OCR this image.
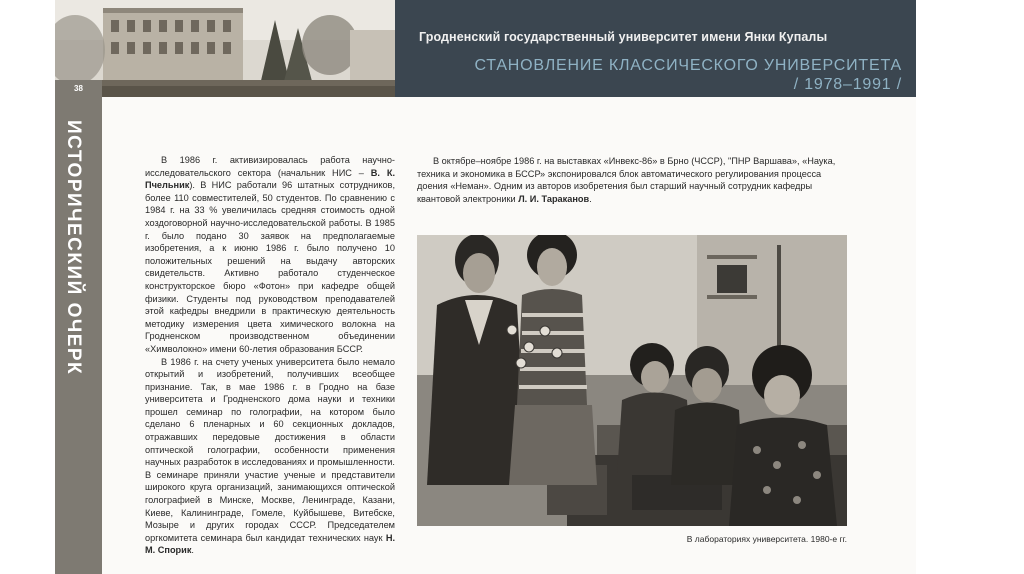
38
Гродненский государственный университет имени Янки Купалы
СТАНОВЛЕНИЕ КЛАССИЧЕСКОГО УНИВЕРСИТЕТА
/ 1978–1991 /
ИСТОРИЧЕСКИЙ ОЧЕРК	В 1986 г. активизировалась работа научно-исследовательского сектора (начальник НИС – В. К. Пчельник). В НИС работали 96 штатных сотрудников, более 110 совместителей, 50 студентов. По сравнению с 1984 г. на 33 % увеличилась средняя стоимость одной хоздоговорной научно-исследовательской работы. В 1985 г. было подано 30 заявок на предполагаемые изобретения, а к июню 1986 г. было получено 10 положительных решений на выдачу авторских свидетельств. Активно работало студенческое конструкторское бюро «Фотон» при кафедре общей физики. Студенты под руководством преподавателей этой кафедры внедрили в практическую деятельность методику измерения цвета химического волокна на Гродненском производственном объединении «Химволокно» имени 60-летия образования БССР.

В 1986 г. на счету ученых университета было немало открытий и изобретений, получивших всеобщее признание. Так, в мае 1986 г. в Гродно на базе университета и Гродненского дома науки и техники прошел семинар по голографии, на котором было сделано 6 пленарных и 60 секционных докладов, отражавших передовые достижения в области оптической голографии, особенности применения научных разработок в исследованиях и промышленности. В семинаре приняли участие ученые и представители широкого круга организаций, занимающихся оптической голографией в Минске, Москве, Ленинграде, Казани, Киеве, Калининграде, Гомеле, Куйбышеве, Витебске, Мозыре и других городах СССР. Председателем оргкомитета семинара был кандидат технических наук Н. М. Спорик.

В октябре–ноябре 1986 г. на выставках «Инвекс-86» в Брно (ЧССР), "ПНР Варшава», «Наука, техника и экономика в БССР» экспонировался блок автоматического регулирования процесса доения «Неман». Одним из авторов изобретения был старший научный сотрудник кафедры квантовой электроники Л. И. Тараканов.

В лабораториях университета. 1980-е гг.
